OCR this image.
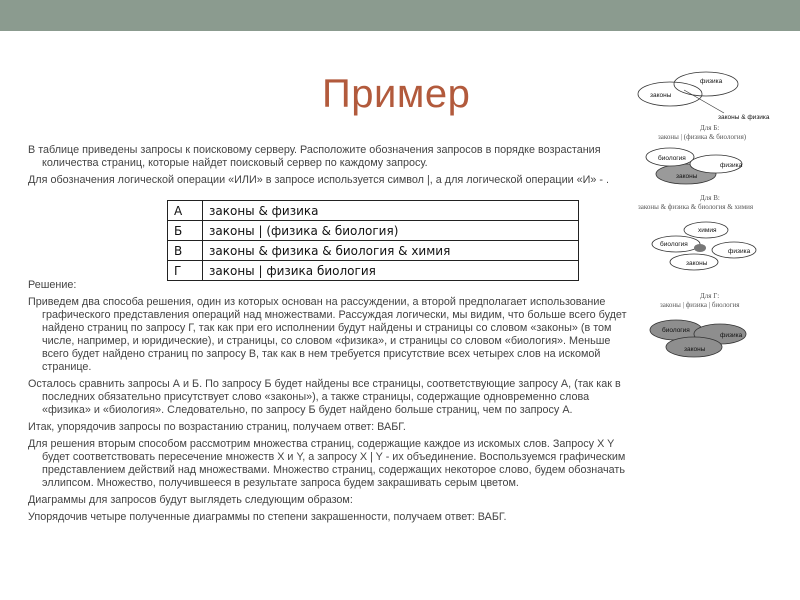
Пример

В таблице приведены запросы к поисковому серверу. Расположите обозначения запросов в порядке возрастания количества страниц, которые найдет поисковый сервер по каждому запросу.

Для обозначения логической операции «ИЛИ» в запросе используется символ |, а для логической операции «И» - .

А	законы & физика
Б	законы | (физика & биология)
В	законы & физика & биология & химия
Г	законы | физика биология

Решение:

Приведем два способа решения, один из которых основан на рассуждении, а второй предполагает использование графического представления операций над множествами. Рассуждая логически, мы видим, что больше всего будет найдено страниц по запросу Г, так как при его исполнении будут найдены и страницы со словом «законы» (в том числе, например, и юридические), и страницы, со словом «физика», и страницы со словом «биология». Меньше всего будет найдено страниц по запросу В, так как в нем требуется присутствие всех четырех слов на искомой странице.

Осталось сравнить запросы А и Б. По запросу Б будет найдены все страницы, соответствующие запросу А, (так как в последних обязательно присутствует слово «законы»), а также страницы, содержащие одновременно слова «физика» и «биология». Следовательно, по запросу Б будет найдено больше страниц, чем по запросу А.

Итак, упорядочив запросы по возрастанию страниц, получаем ответ: ВАБГ.

Для решения вторым способом рассмотрим множества страниц, содержащие каждое из искомых слов. Запросу X Y будет соответствовать пересечение множеств X и Y, а запросу X | Y - их объединение. Воспользуемся графическим представлением действий над множествами. Множество страниц, содержащих некоторое слово, будем обозначать эллипсом. Множество, получившееся в результате запроса будем закрашивать серым цветом.

Диаграммы для запросов будут выглядеть следующим образом:

Упорядочив четыре полученные диаграммы по степени закрашенности, получаем ответ: ВАБГ.

законы
физика
законы & физика
Для Б:
законы | (физика & биология)
биология
физика
законы
Для В:
законы & физика & биология & химия
химия
биология
физика
законы
Для Г:
законы | физика | биология
биология
физика
законы
